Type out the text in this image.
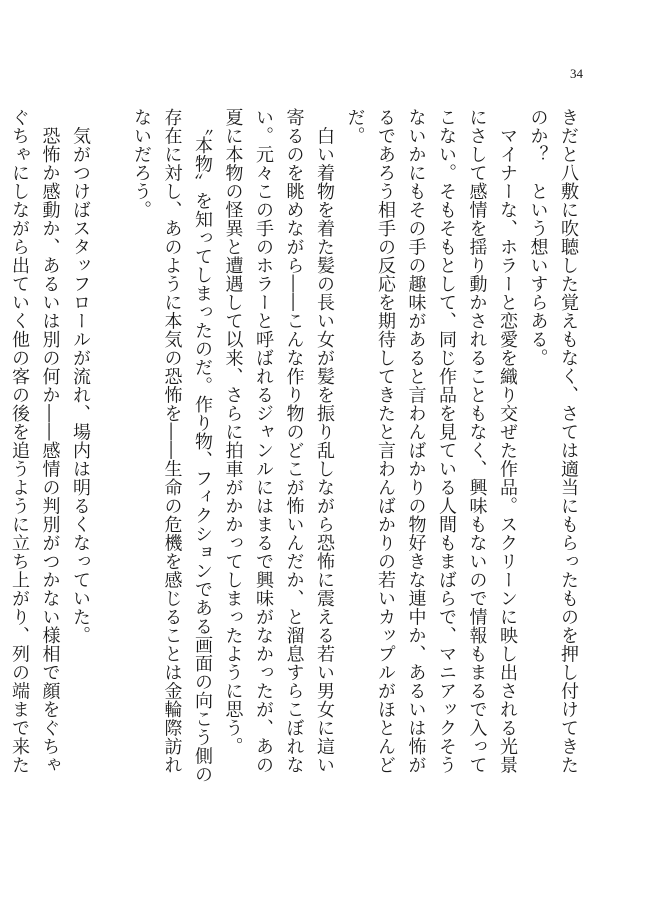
34

きだと八敷に吹聴した覚えもなく、さては適当にもらったものを押し付けてきたのか？　という想いすらある。

　マイナーな、ホラーと恋愛を織り交ぜた作品。スクリーンに映し出される光景にさして感情を揺り動かされることもなく、興味もないので情報もまるで入ってこない。そもそもとして、同じ作品を見ている人間もまばらで、マニアックそうないかにもその手の趣味があると言わんばかりの物好きな連中か、あるいは怖がるであろう相手の反応を期待してきたと言わんばかりの若いカップルがほとんどだ。

　白い着物を着た髪の長い女が髪を振り乱しながら恐怖に震える若い男女に這い寄るのを眺めながら――こんな作り物のどこが怖いんだか、と溜息すらこぼれない。元々この手のホラーと呼ばれるジャンルにはまるで興味がなかったが、あの夏に本物の怪異と遭遇して以来、さらに拍車がかかってしまったように思う。

　〝本物〟を知ってしまったのだ。作り物、フィクションである画面の向こう側の存在に対し、あのように本気の恐怖を――生命の危機を感じることは金輪際訪れないだろう。

　気がつけばスタッフロールが流れ、場内は明るくなっていた。

　恐怖か感動か、あるいは別の何か――感情の判別がつかない様相で顔をぐちゃぐちゃにしながら出ていく他の客の後を追うように立ち上がり、列の端まで来た
